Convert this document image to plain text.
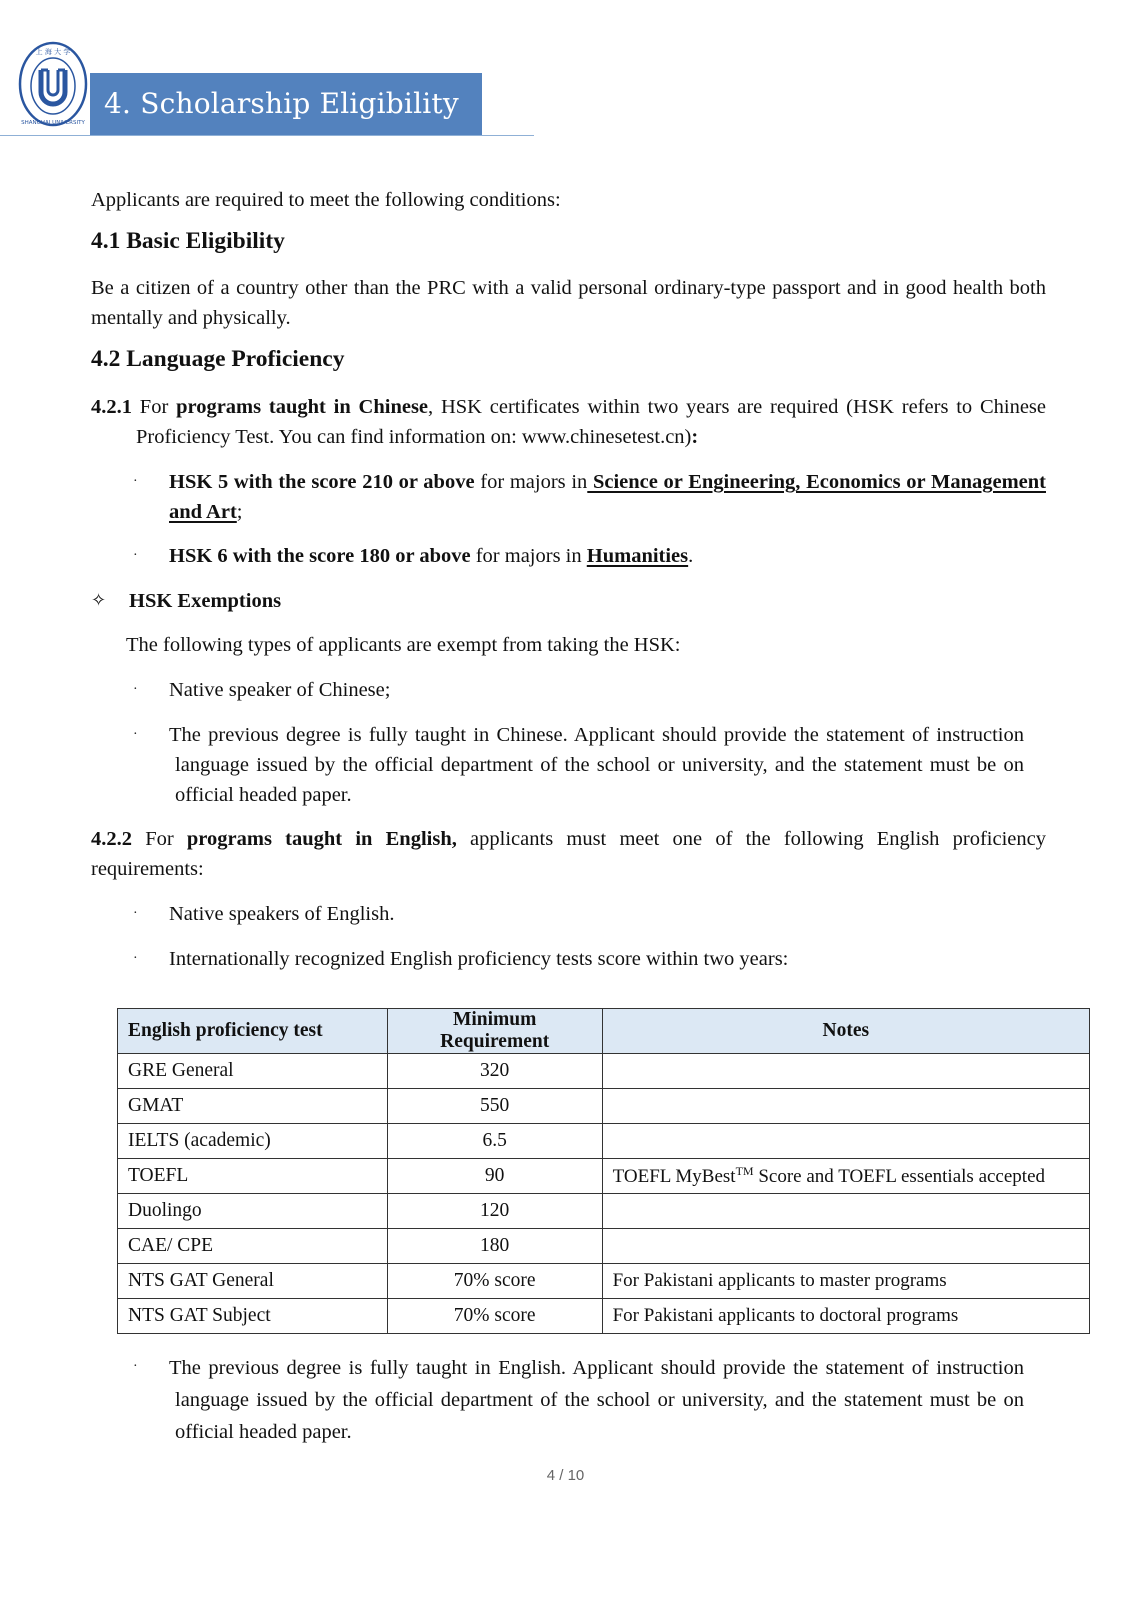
上 海 大 学
SHANGHAI UNIVERSITY
4. Scholarship Eligibility
Applicants are required to meet the following conditions:
4.1 Basic Eligibility
Be a citizen of a country other than the PRC with a valid personal ordinary-type passport and in good health both mentally and physically.
4.2 Language Proficiency
4.2.1 For programs taught in Chinese, HSK certificates within two years are required (HSK refers to Chinese Proficiency Test. You can find information on: www.chinesetest.cn):
·	HSK 5 with the score 210 or above for majors in Science or Engineering, Economics or Management and Art;
·	HSK 6 with the score 180 or above for majors in Humanities.
✧ HSK Exemptions
The following types of applicants are exempt from taking the HSK:
·	Native speaker of Chinese;
· The previous degree is fully taught in Chinese. Applicant should provide the statement of instruction language issued by the official department of the school or university, and the statement must be on official headed paper.
4.2.2 For programs taught in English, applicants must meet one of the following English proficiency requirements:
·	Native speakers of English.
·	Internationally recognized English proficiency tests score within two years:
English proficiency test	Minimum Requirement	Notes
GRE General	320	
GMAT	550	
IELTS (academic)	6.5	
TOEFL	90	TOEFL MyBest™ Score and TOEFL essentials accepted
Duolingo	120	
CAE/ CPE	180	
NTS GAT General	70% score	For Pakistani applicants to master programs
NTS GAT Subject	70% score	For Pakistani applicants to doctoral programs
· The previous degree is fully taught in English. Applicant should provide the statement of instruction language issued by the official department of the school or university, and the statement must be on official headed paper.
4 / 10
